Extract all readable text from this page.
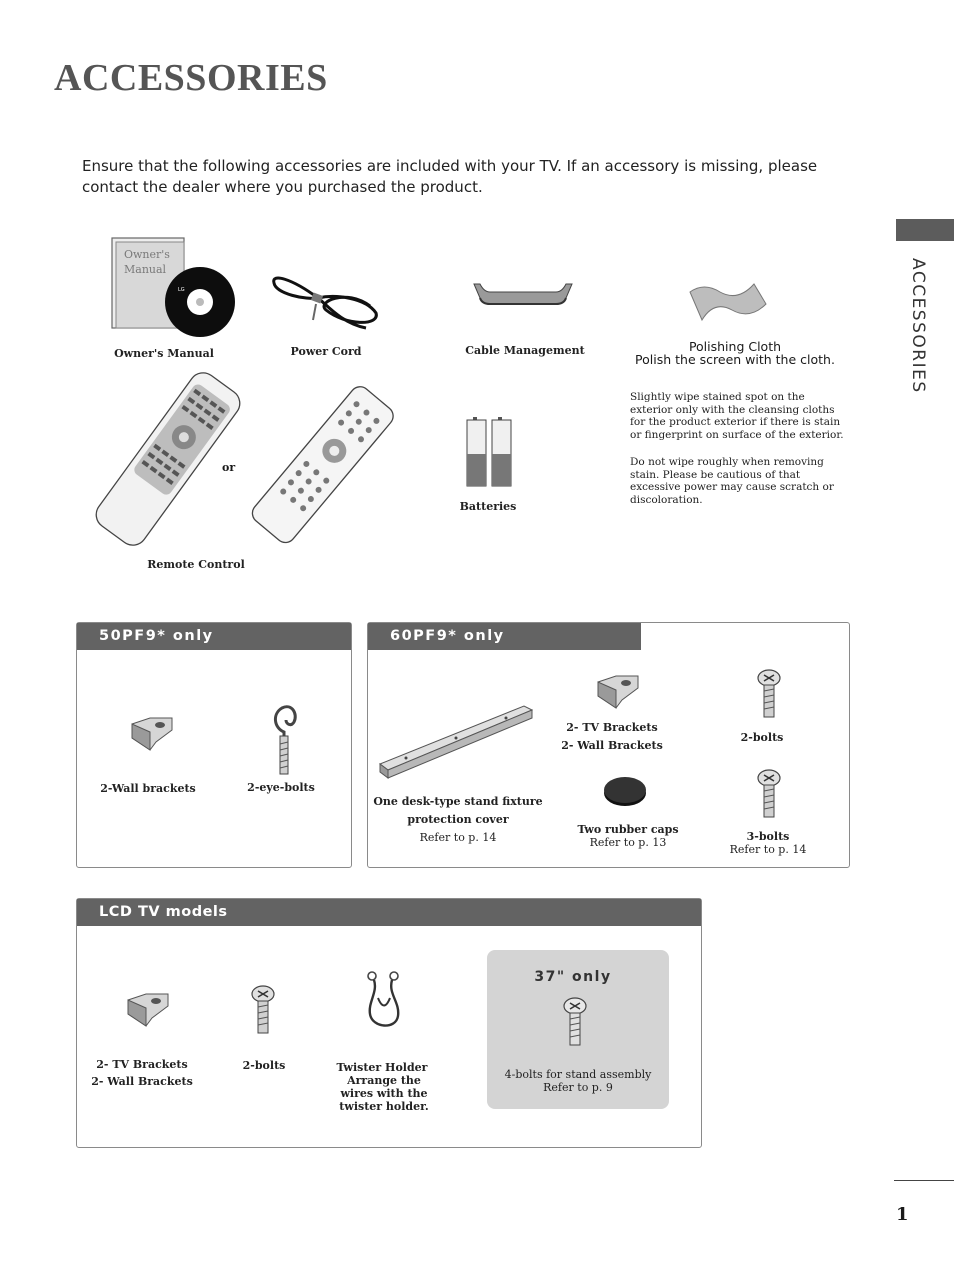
ACCESSORIES

Ensure that the following accessories are included with your TV. If an accessory is missing, please contact the dealer where you purchased the product.

ACCESSORIES
LG
Owner's Manual
Owner's Manual	Power Cord	Cable Management	Polishing Cloth
Polish the screen with the cloth.
Slightly wipe stained spot on the exterior only with the cleansing cloths for the product exterior if there is stain or fingerprint on surface of the exterior.
Do not wipe roughly when removing stain. Please be cautious of that excessive power may cause scratch or discoloration.
or
Remote Control
Batteries
50PF9* only
2-Wall brackets	2-eye-bolts
60PF9* only
One desk-type stand fixture
protection cover
Refer to p. 14
2- TV Brackets
2- Wall Brackets
Two rubber caps
Refer to p. 13
2-bolts
3-bolts
Refer to p. 14
LCD TV models
2- TV Brackets
2- Wall Brackets
2-bolts	Twister Holder
Arrange the wires with the twister holder.
37" only
4-bolts for stand assembly
Refer to p. 9
1
